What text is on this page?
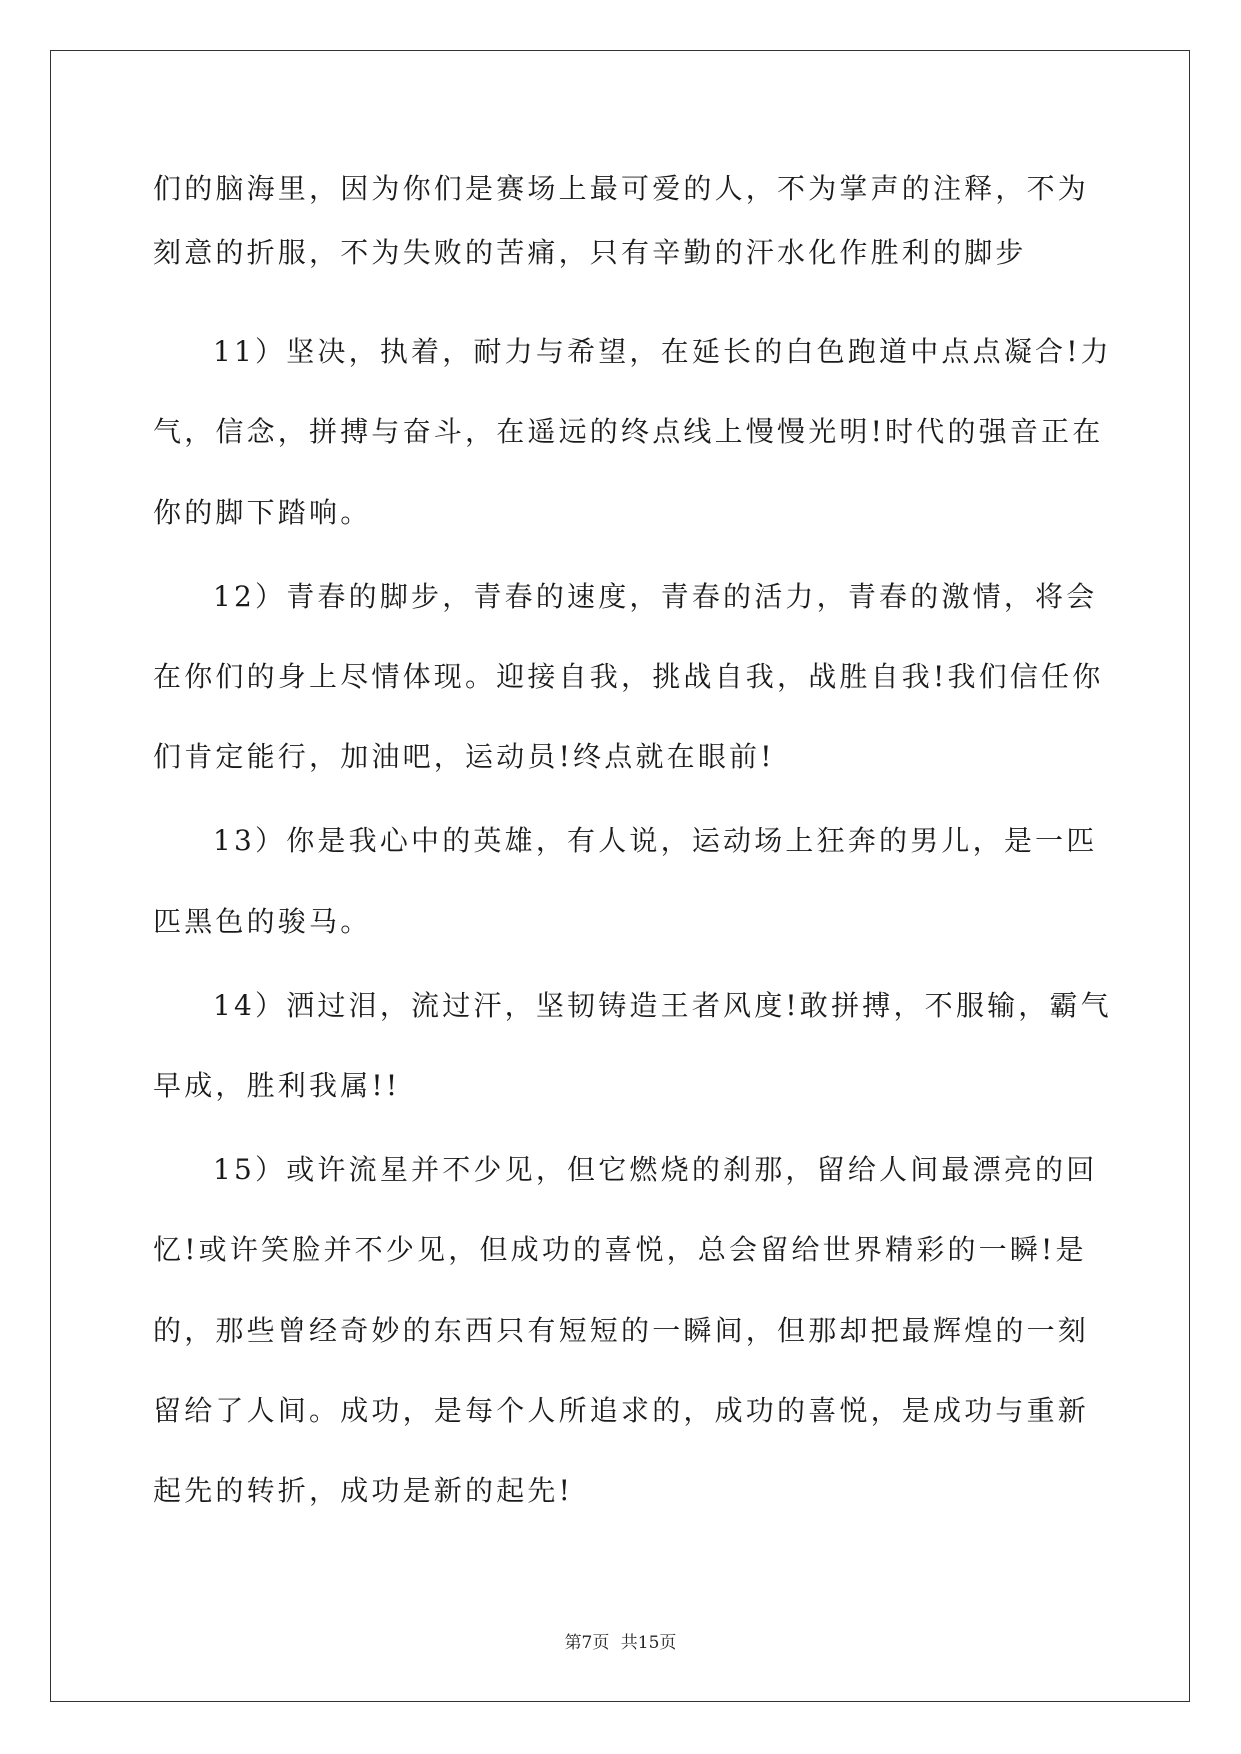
们的脑海里，因为你们是赛场上最可爱的人，不为掌声的注释，不为
刻意的折服，不为失败的苦痛，只有辛勤的汗水化作胜利的脚步
11）坚决，执着，耐力与希望，在延长的白色跑道中点点凝合!力
气，信念，拼搏与奋斗，在遥远的终点线上慢慢光明!时代的强音正在
你的脚下踏响。
12）青春的脚步，青春的速度，青春的活力，青春的激情，将会
在你们的身上尽情体现。迎接自我，挑战自我，战胜自我!我们信任你
们肯定能行，加油吧，运动员!终点就在眼前!
13）你是我心中的英雄，有人说，运动场上狂奔的男儿，是一匹
匹黑色的骏马。
14）洒过泪，流过汗，坚韧铸造王者风度!敢拼搏，不服输，霸气
早成，胜利我属!!
15）或许流星并不少见，但它燃烧的刹那，留给人间最漂亮的回
忆!或许笑脸并不少见，但成功的喜悦，总会留给世界精彩的一瞬!是
的，那些曾经奇妙的东西只有短短的一瞬间，但那却把最辉煌的一刻
留给了人间。成功，是每个人所追求的，成功的喜悦，是成功与重新
起先的转折，成功是新的起先!
第7页 共15页
